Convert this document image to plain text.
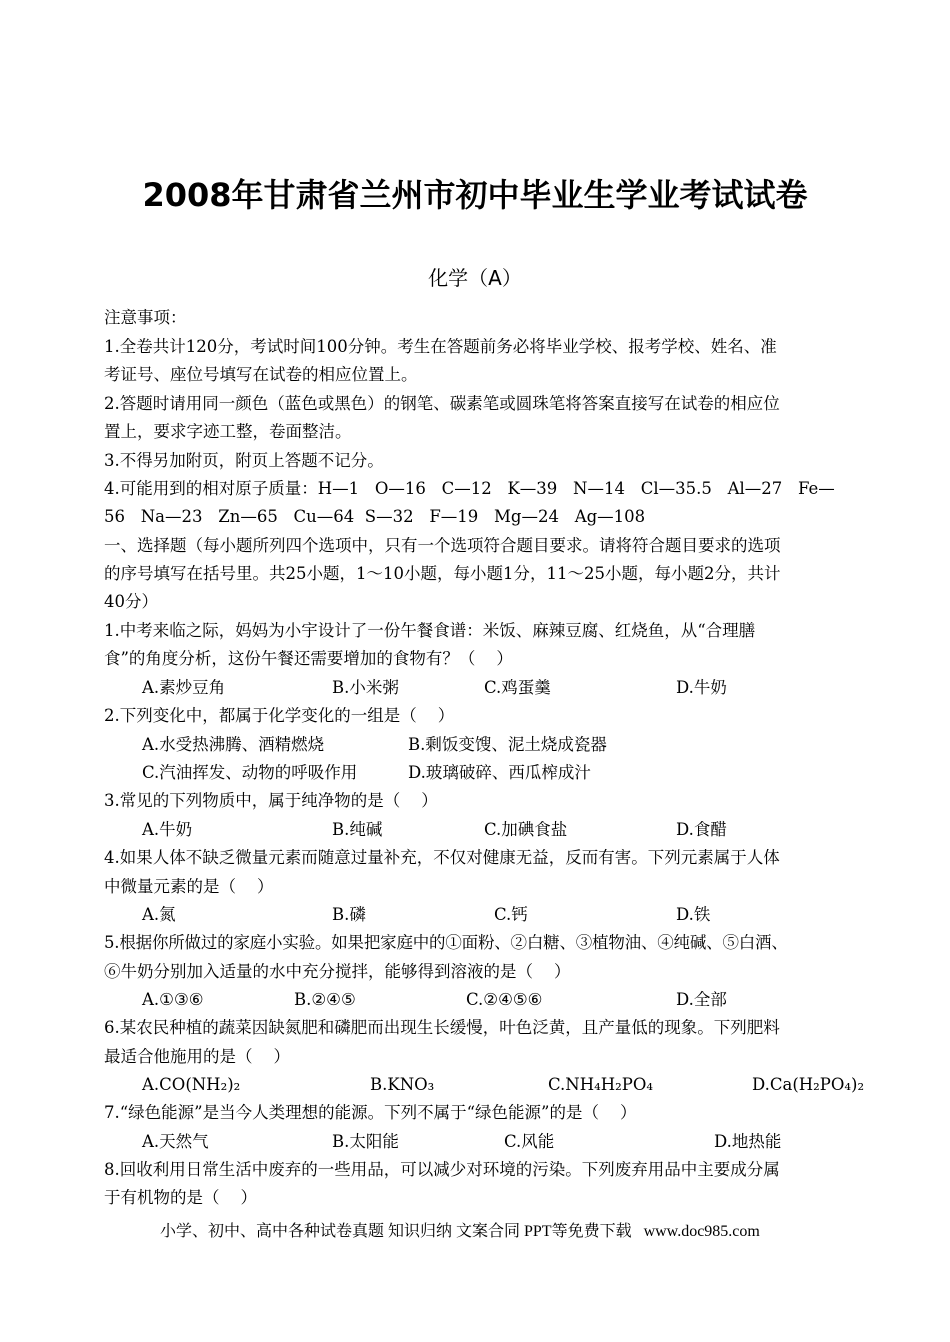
2008年甘肃省兰州市初中毕业生学业考试试卷
化学（A）
注意事项：
1.全卷共计120分，考试时间100分钟。考生在答题前务必将毕业学校、报考学校、姓名、准
考证号、座位号填写在试卷的相应位置上。
2.答题时请用同一颜色（蓝色或黑色）的钢笔、碳素笔或圆珠笔将答案直接写在试卷的相应位
置上，要求字迹工整，卷面整洁。
3.不得另加附页，附页上答题不记分。
4.可能用到的相对原子质量：H—1   O—16   C—12   K—39   N—14   Cl—35.5   Al—27   Fe—
56   Na—23   Zn—65   Cu—64  S—32   F—19   Mg—24   Ag—108
一、选择题（每小题所列四个选项中，只有一个选项符合题目要求。请将符合题目要求的选项
的序号填写在括号里。共25小题，1～10小题，每小题1分，11～25小题，每小题2分，共计
40分）
1.中考来临之际，妈妈为小宇设计了一份午餐食谱：米饭、麻辣豆腐、红烧鱼，从“合理膳
食”的角度分析，这份午餐还需要增加的食物有？（    ）
A.素炒豆角	B.小米粥	C.鸡蛋羹	D.牛奶
2.下列变化中，都属于化学变化的一组是（    ）
A.水受热沸腾、酒精燃烧	B.剩饭变馊、泥土烧成瓷器
C.汽油挥发、动物的呼吸作用	D.玻璃破碎、西瓜榨成汁
3.常见的下列物质中，属于纯净物的是（    ）
A.牛奶	B.纯碱	C.加碘食盐	D.食醋
4.如果人体不缺乏微量元素而随意过量补充，不仅对健康无益，反而有害。下列元素属于人体
中微量元素的是（    ）
A.氮	B.磷	C.钙	D.铁
5.根据你所做过的家庭小实验。如果把家庭中的①面粉、②白糖、③植物油、④纯碱、⑤白酒、
⑥牛奶分别加入适量的水中充分搅拌，能够得到溶液的是（    ）
A.①③⑥	B.②④⑤	C.②④⑤⑥	D.全部
6.某农民种植的蔬菜因缺氮肥和磷肥而出现生长缓慢，叶色泛黄，且产量低的现象。下列肥料
最适合他施用的是（    ）
A.CO(NH₂)₂	B.KNO₃	C.NH₄H₂PO₄	D.Ca(H₂PO₄)₂
7.“绿色能源”是当今人类理想的能源。下列不属于“绿色能源”的是（    ）
A.天然气	B.太阳能	C.风能	D.地热能
8.回收利用日常生活中废弃的一些用品，可以减少对环境的污染。下列废弃用品中主要成分属
于有机物的是（    ）
小学、初中、高中各种试卷真题 知识归纳 文案合同 PPT等免费下载   www.doc985.com
